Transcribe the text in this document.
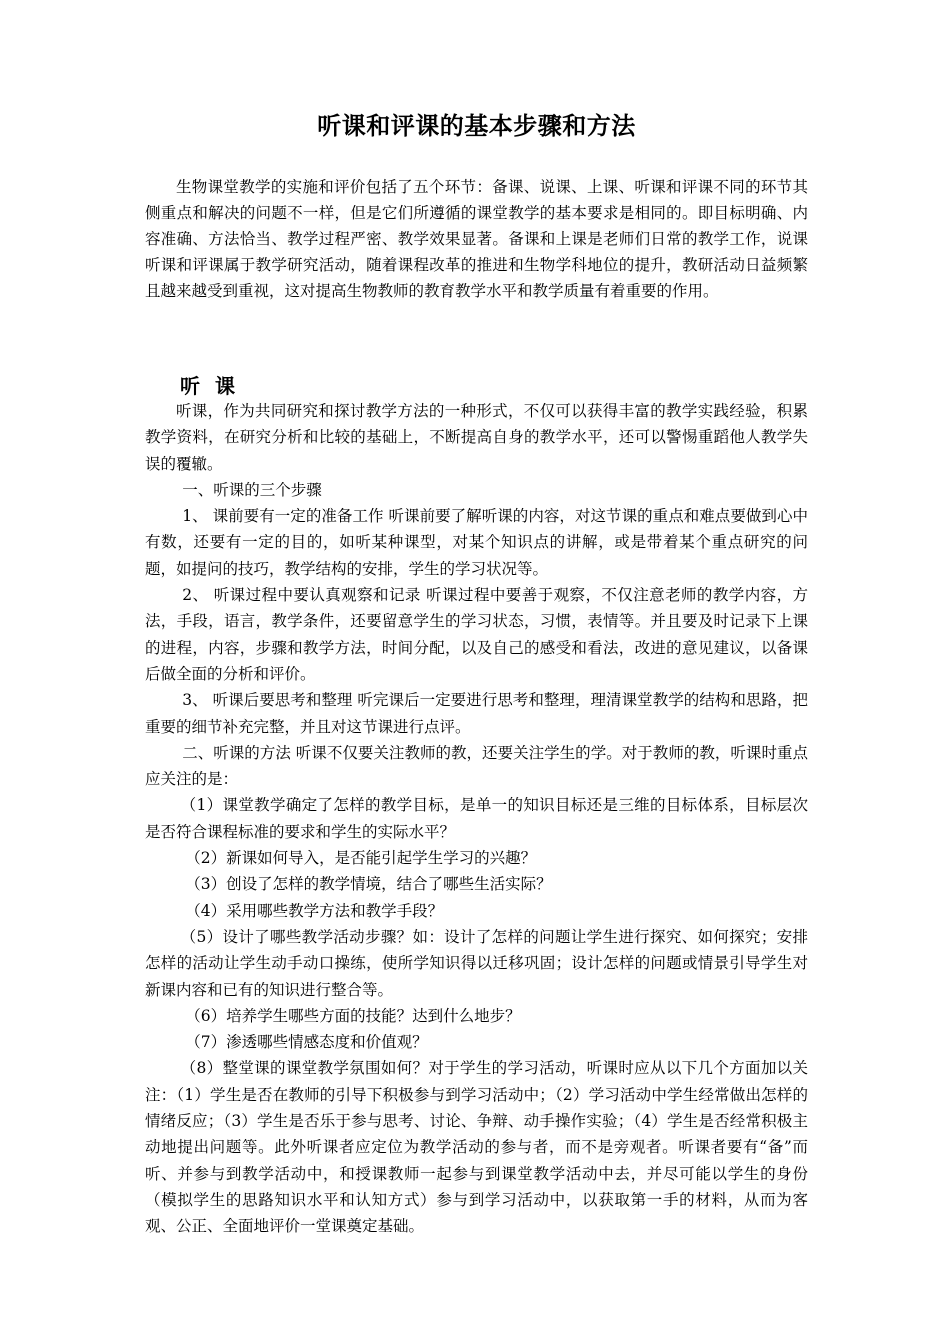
听课和评课的基本步骤和方法

生物课堂教学的实施和评价包括了五个环节：备课、说课、上课、听课和评课不同的环节其侧重点和解决的问题不一样，但是它们所遵循的课堂教学的基本要求是相同的。即目标明确、内容准确、方法恰当、教学过程严密、教学效果显著。备课和上课是老师们日常的教学工作，说课听课和评课属于教学研究活动，随着课程改革的推进和生物学科地位的提升，教研活动日益频繁且越来越受到重视，这对提高生物教师的教育教学水平和教学质量有着重要的作用。

听 课

听课，作为共同研究和探讨教学方法的一种形式，不仅可以获得丰富的教学实践经验，积累教学资料，在研究分析和比较的基础上，不断提高自身的教学水平，还可以警惕重蹈他人教学失误的覆辙。

一、听课的三个步骤

1、 课前要有一定的准备工作 听课前要了解听课的内容，对这节课的重点和难点要做到心中有数，还要有一定的目的，如听某种课型，对某个知识点的讲解，或是带着某个重点研究的问题，如提问的技巧，教学结构的安排，学生的学习状况等。

2、 听课过程中要认真观察和记录 听课过程中要善于观察，不仅注意老师的教学内容，方法，手段，语言，教学条件，还要留意学生的学习状态，习惯，表情等。并且要及时记录下上课的进程，内容，步骤和教学方法，时间分配，以及自己的感受和看法，改进的意见建议，以备课后做全面的分析和评价。

3、 听课后要思考和整理 听完课后一定要进行思考和整理，理清课堂教学的结构和思路，把重要的细节补充完整，并且对这节课进行点评。

二、听课的方法 听课不仅要关注教师的教，还要关注学生的学。对于教师的教，听课时重点应关注的是：

（1）课堂教学确定了怎样的教学目标，是单一的知识目标还是三维的目标体系，目标层次是否符合课程标准的要求和学生的实际水平？

（2）新课如何导入，是否能引起学生学习的兴趣？

（3）创设了怎样的教学情境，结合了哪些生活实际？

（4）采用哪些教学方法和教学手段？

（5）设计了哪些教学活动步骤？如：设计了怎样的问题让学生进行探究、如何探究；安排怎样的活动让学生动手动口操练，使所学知识得以迁移巩固；设计怎样的问题或情景引导学生对新课内容和已有的知识进行整合等。

（6）培养学生哪些方面的技能？达到什么地步？

（7）渗透哪些情感态度和价值观？

（8）整堂课的课堂教学氛围如何？对于学生的学习活动，听课时应从以下几个方面加以关注：（1）学生是否在教师的引导下积极参与到学习活动中；（2）学习活动中学生经常做出怎样的情绪反应；（3）学生是否乐于参与思考、讨论、争辩、动手操作实验；（4）学生是否经常积极主动地提出问题等。此外听课者应定位为教学活动的参与者，而不是旁观者。听课者要有“备”而听、并参与到教学活动中，和授课教师一起参与到课堂教学活动中去，并尽可能以学生的身份（模拟学生的思路知识水平和认知方式）参与到学习活动中，以获取第一手的材料，从而为客观、公正、全面地评价一堂课奠定基础。
